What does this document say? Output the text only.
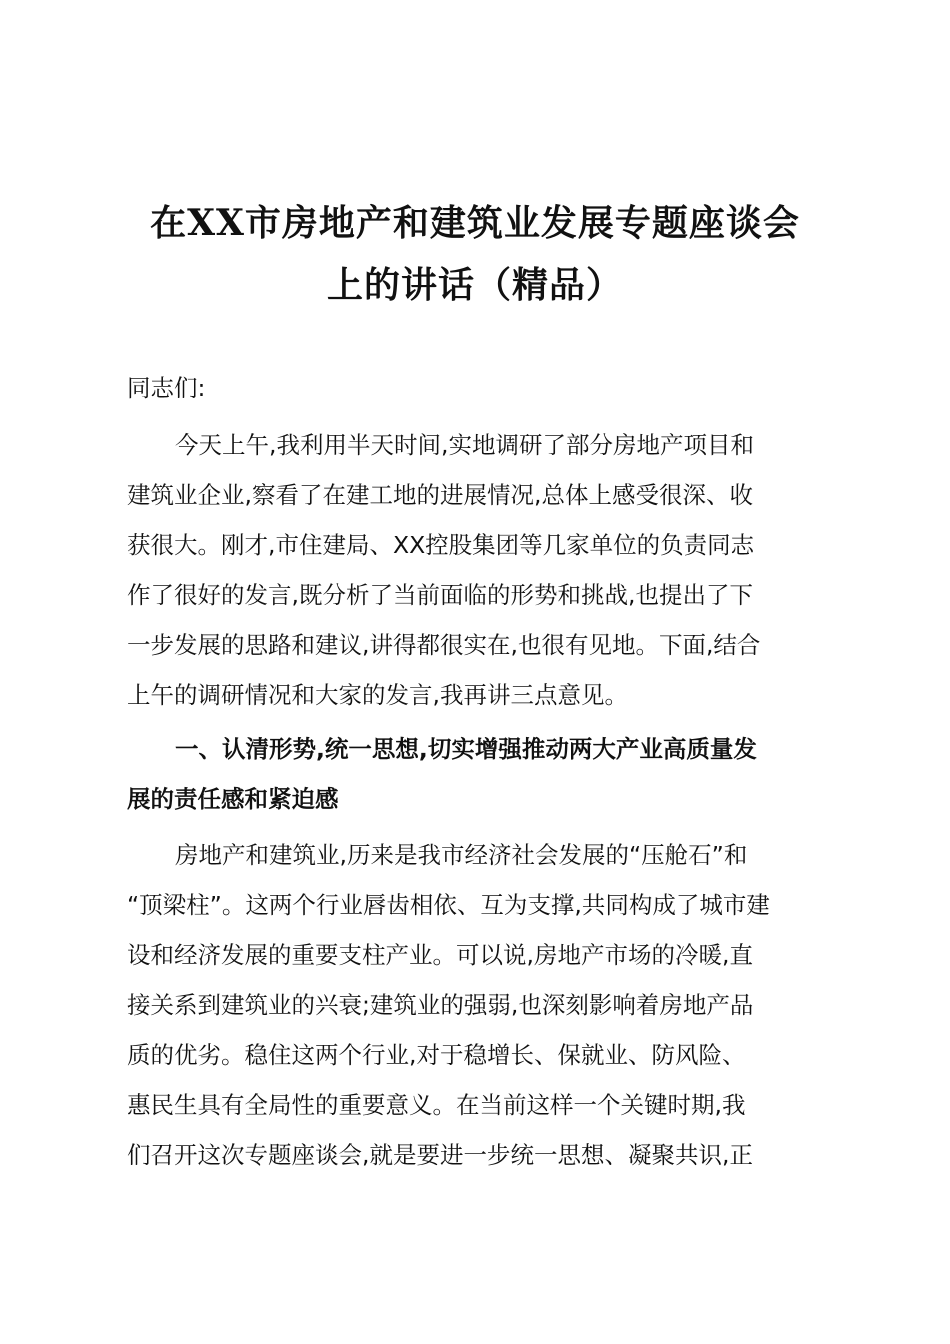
在XX市房地产和建筑业发展专题座谈会
上的讲话（精品）
同志们:
今天上午,我利用半天时间,实地调研了部分房地产项目和
建筑业企业,察看了在建工地的进展情况,总体上感受很深、收
获很大。刚才,市住建局、XX控股集团等几家单位的负责同志
作了很好的发言,既分析了当前面临的形势和挑战,也提出了下
一步发展的思路和建议,讲得都很实在,也很有见地。下面,结合
上午的调研情况和大家的发言,我再讲三点意见。
一、认清形势,统一思想,切实增强推动两大产业高质量发
展的责任感和紧迫感
房地产和建筑业,历来是我市经济社会发展的“压舱石”和
“顶梁柱”。这两个行业唇齿相依、互为支撑,共同构成了城市建
设和经济发展的重要支柱产业。可以说,房地产市场的冷暖,直
接关系到建筑业的兴衰;建筑业的强弱,也深刻影响着房地产品
质的优劣。稳住这两个行业,对于稳增长、保就业、防风险、
惠民生具有全局性的重要意义。在当前这样一个关键时期,我
们召开这次专题座谈会,就是要进一步统一思想、凝聚共识,正
